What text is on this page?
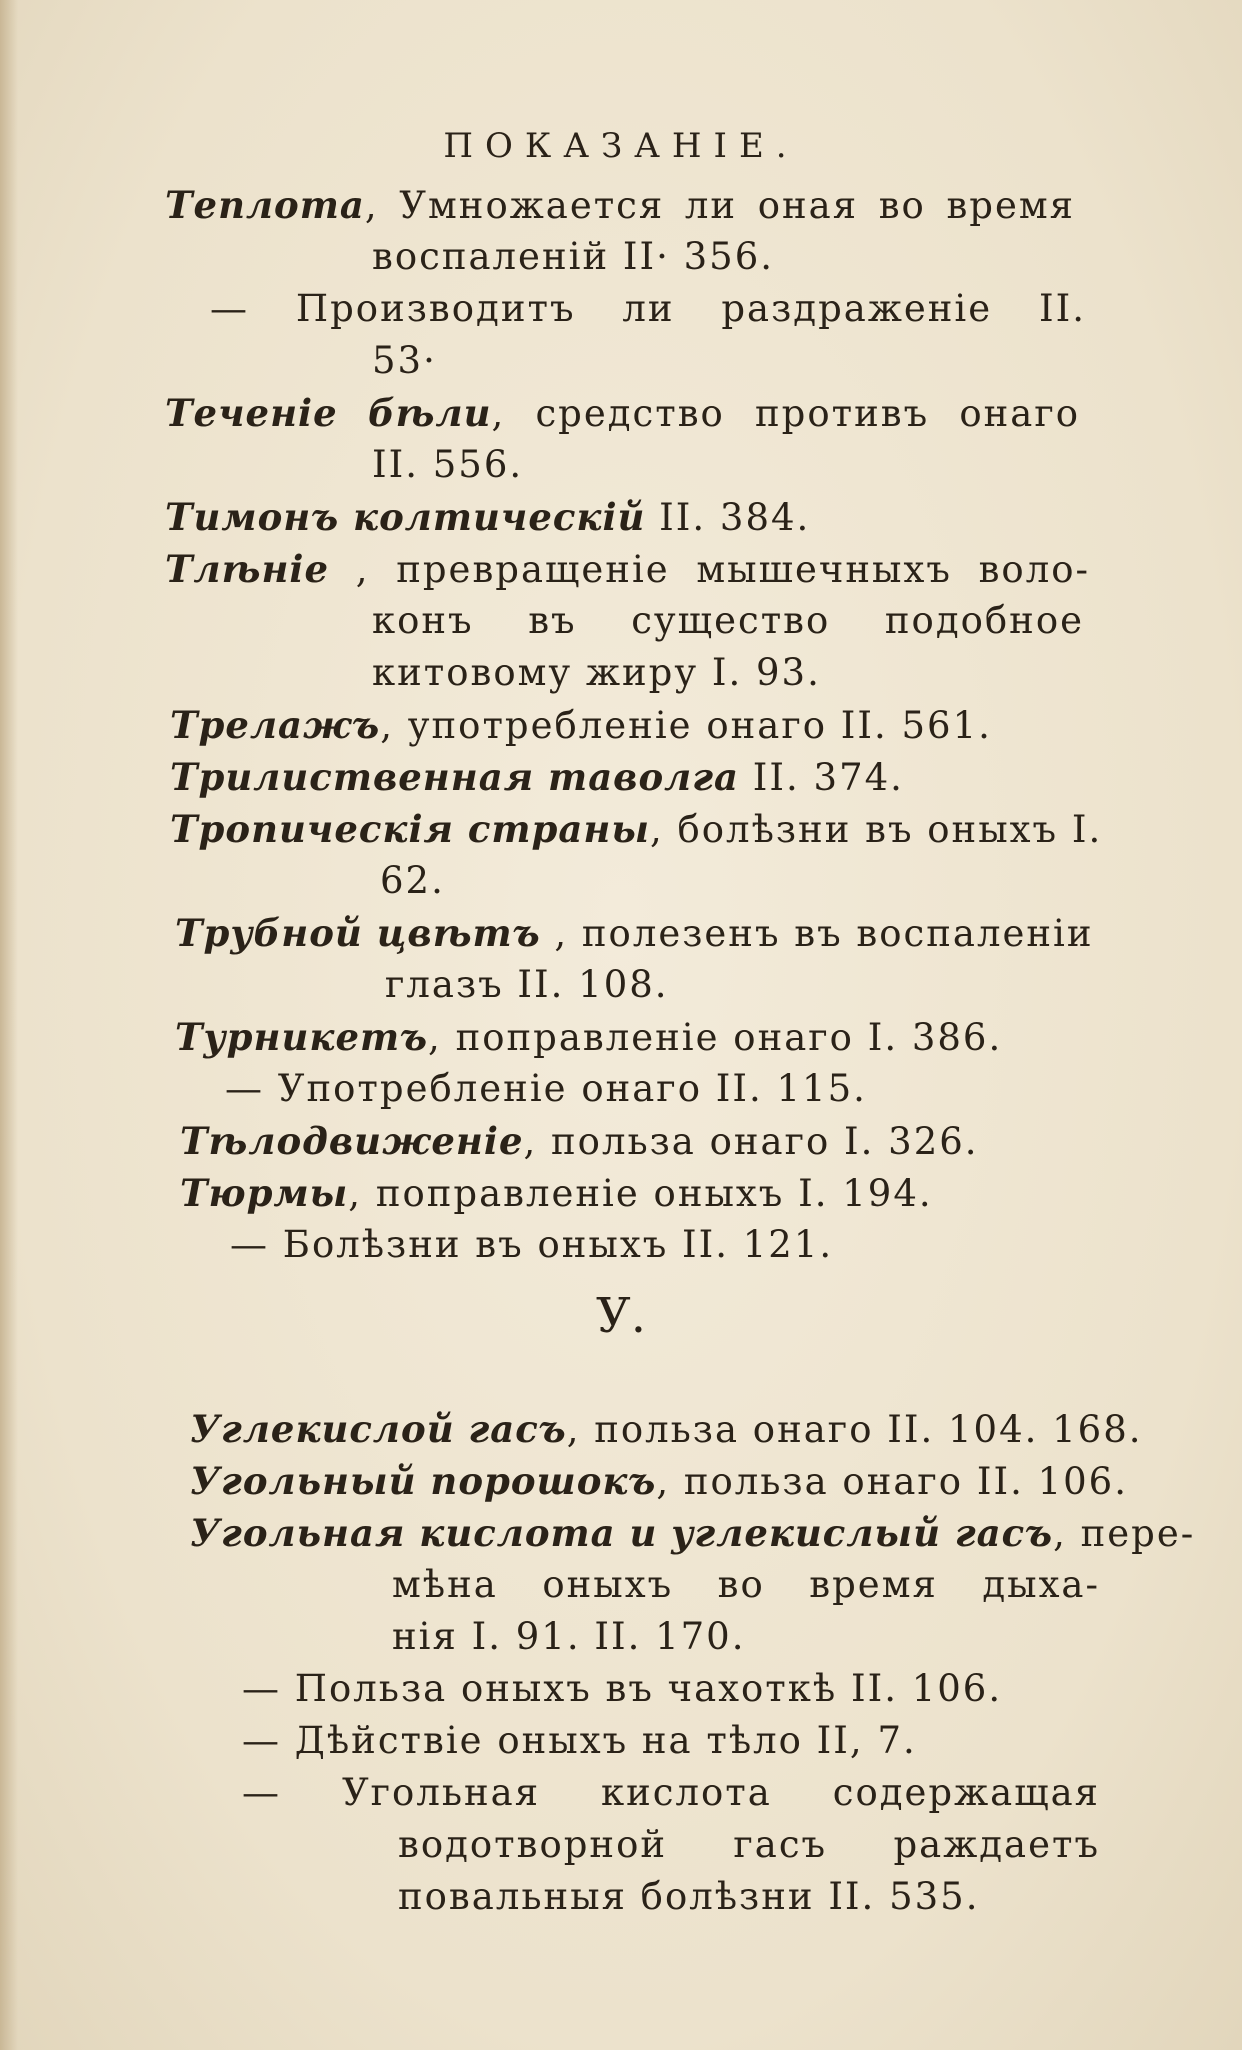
ПОКАЗАНІЕ.
Теплота, Умножается ли оная во время
воспаленій II· 356.
— Производитъ ли раздраженіе II.
53·
Теченіе бѣли, средство противъ онаго
II. 556.
Тимонъ колтическій II. 384.
Тлѣніе , превращеніе мышечныхъ воло-
конъ въ существо подобное
китовому жиру I. 93.
Трелажъ, употребленіе онаго II. 561.
Трилиственная таволга II. 374.
Тропическія страны, болѣзни въ оныхъ I.
62.
Трубной цвѣтъ , полезенъ въ воспаленіи
глазъ II. 108.
Турникетъ, поправленіе онаго I. 386.
— Употребленіе онаго II. 115.
Тѣлодвиженіе, польза онаго I. 326.
Тюрмы, поправленіе оныхъ I. 194.
— Болѣзни въ оныхъ II. 121.
Углекислой гасъ, польза онаго II. 104. 168.
Угольный порошокъ, польза онаго II. 106.
Угольная кислота и углекислый гасъ, пере-
мѣна оныхъ во время дыха-
нія I. 91. II. 170.
— Польза оныхъ въ чахоткѣ II. 106.
— Дѣйствіе оныхъ на тѣло II, 7.
— Угольная кислота содержащая
водотворной гасъ раждаетъ
повальныя болѣзни II. 535.
У.
